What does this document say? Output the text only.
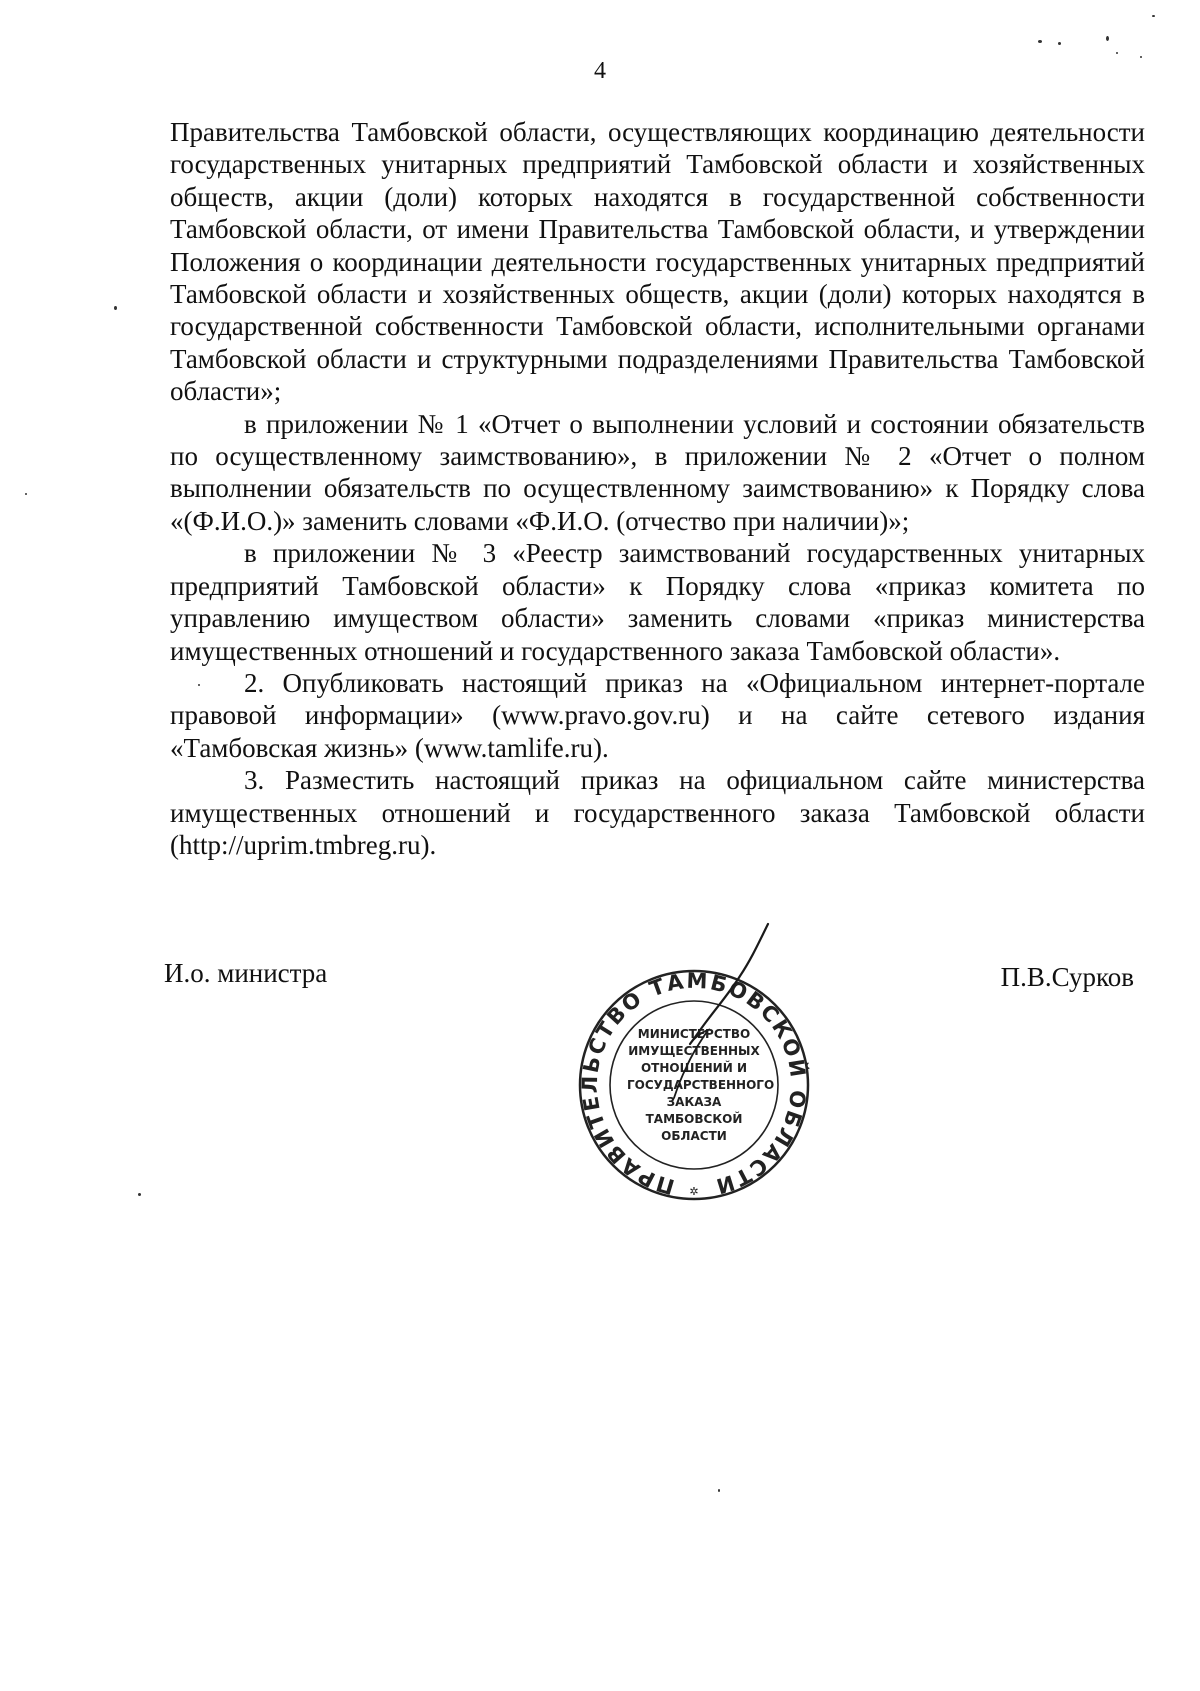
4

Правительства Тамбовской области, осуществляющих координацию деятельности государственных унитарных предприятий Тамбовской области и хозяйственных обществ, акции (доли) которых находятся в государственной собственности Тамбовской области, от имени Правительства Тамбовской области, и утверждении Положения о координации деятельности государственных унитарных предприятий Тамбовской области и хозяйственных обществ, акции (доли) которых находятся в государственной собственности Тамбовской области, исполнительными органами Тамбовской области и структурными подразделениями Правительства Тамбовской области»;

в приложении № 1 «Отчет о выполнении условий и состоянии обязательств по осуществленному заимствованию», в приложении № 2 «Отчет о полном выполнении обязательств по осуществленному заимствованию» к Порядку слова «(Ф.И.О.)» заменить словами «Ф.И.О. (отчество при наличии)»;

в приложении № 3 «Реестр заимствований государственных унитарных предприятий Тамбовской области» к Порядку слова «приказ комитета по управлению имуществом области» заменить словами «приказ министерства имущественных отношений и государственного заказа Тамбовской области».

2. Опубликовать настоящий приказ на «Официальном интернет-портале правовой информации» (www.pravo.gov.ru) и на сайте сетевого издания «Тамбовская жизнь» (www.tamlife.ru).

3. Разместить настоящий приказ на официальном сайте министерства имущественных отношений и государственного заказа Тамбовской области (http://uprim.tmbreg.ru).

И.о. министра	П.В.Сурков
ПРАВИТЕЛЬСТВО ТАМБОВСКОЙ ОБЛАСТИ
✲
МИНИСТЕРСТВО
ИМУЩЕСТВЕННЫХ
ОТНОШЕНИЙ И
ГОСУДАРСТВЕННОГО
ЗАКАЗА
ТАМБОВСКОЙ
ОБЛАСТИ
